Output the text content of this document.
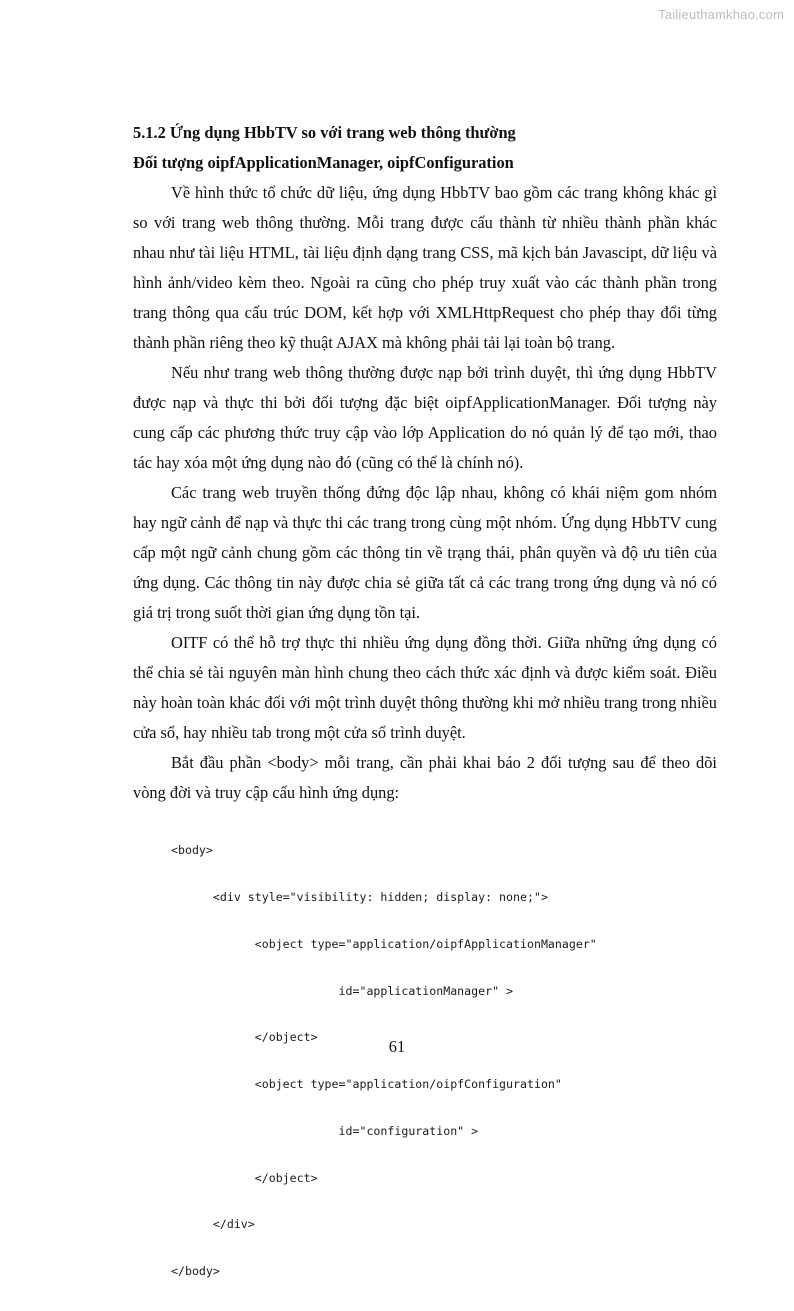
Tailieuthamkhao.com

5.1.2 Ứng dụng HbbTV so với trang web thông thường

Đối tượng oipfApplicationManager, oipfConfiguration

Về hình thức tổ chức dữ liệu, ứng dụng HbbTV bao gồm các trang không khác gì so với trang web thông thường. Mỗi trang được cấu thành từ nhiều thành phần khác nhau như tài liệu HTML, tài liệu định dạng trang CSS, mã kịch bản Javascipt, dữ liệu và hình ảnh/video kèm theo. Ngoài ra cũng cho phép truy xuất vào các thành phần trong trang thông qua cấu trúc DOM, kết hợp với XMLHttpRequest cho phép thay đổi từng thành phần riêng theo kỹ thuật AJAX mà không phải tải lại toàn bộ trang.

Nếu như trang web thông thường được nạp bởi trình duyệt, thì ứng dụng HbbTV được nạp và thực thi bởi đối tượng đặc biệt oipfApplicationManager. Đối tượng này cung cấp các phương thức truy cập vào lớp Application do nó quản lý để tạo mới, thao tác hay xóa một ứng dụng nào đó (cũng có thể là chính nó).

Các trang web truyền thống đứng độc lập nhau, không có khái niệm gom nhóm hay ngữ cảnh để nạp và thực thi các trang trong cùng một nhóm. Ứng dụng HbbTV cung cấp một ngữ cảnh chung gồm các thông tin về trạng thái, phân quyền và độ ưu tiên của ứng dụng. Các thông tin này được chia sẻ giữa tất cả các trang trong ứng dụng và nó có giá trị trong suốt thời gian ứng dụng tồn tại.

OITF có thể hỗ trợ thực thi nhiều ứng dụng đồng thời. Giữa những ứng dụng có thể chia sẻ tài nguyên màn hình chung theo cách thức xác định và được kiểm soát. Điều này hoàn toàn khác đối với một trình duyệt thông thường khi mở nhiều trang trong nhiều cửa sổ, hay nhiều tab trong một cửa sổ trình duyệt.

Bắt đầu phần <body> mỗi trang, cần phải khai báo 2 đối tượng sau để theo dõi vòng đời và truy cập cấu hình ứng dụng:

<body>

<div style="visibility: hidden; display: none;">

<object type="application/oipfApplicationManager"

id="applicationManager" >

</object>

<object type="application/oipfConfiguration"

id="configuration" >

</object>

</div>

</body>

61
